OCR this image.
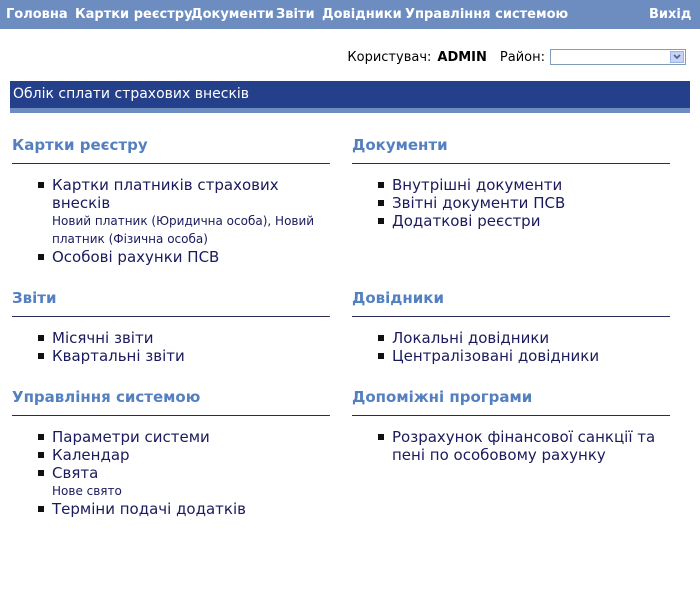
Головна Картки реєстру
Документи Звіти Довідники Управління системою	Вихід
Користувач: ADMIN Район:
Облік сплати страхових внесків
Картки реєстру
Картки платників страхових внесків
Новий платник (Юридична особа), Новий платник (Фізична особа)
Особові рахунки ПСВ
Документи
Внутрішні документи
Звітні документи ПСВ
Додаткові реєстри
Звіти
Місячні звіти
Квартальні звіти
Довідники
Локальні довідники
Централізовані довідники
Управління системою
Параметри системи
Календар
Свята
Нове свято
Терміни подачі додатків
Допоміжні програми
Розрахунок фінансової санкції та пені по особовому рахунку
